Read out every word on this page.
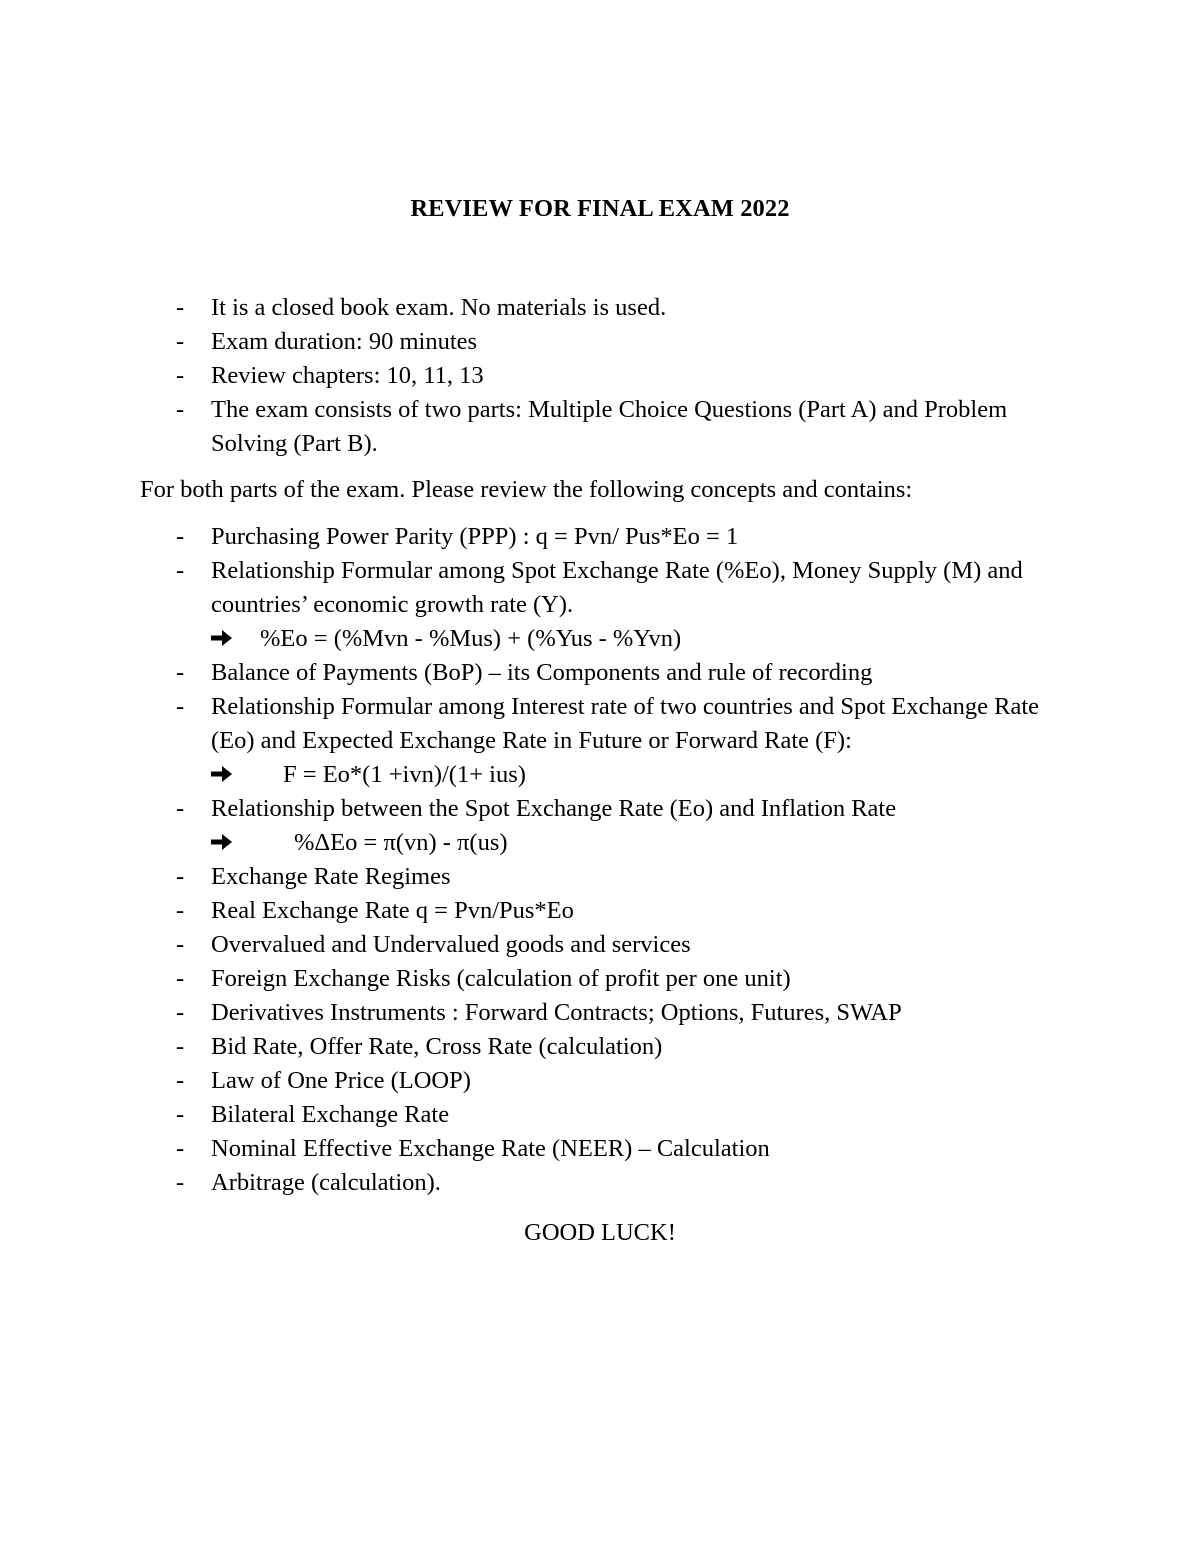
REVIEW FOR FINAL EXAM 2022
- It is a closed book exam. No materials is used.
- Exam duration: 90 minutes
- Review chapters: 10, 11, 13
- The exam consists of two parts: Multiple Choice Questions (Part A) and Problem Solving (Part B).

For both parts of the exam. Please review the following concepts and contains:

- Purchasing Power Parity (PPP) : q = Pvn/ Pus*Eo = 1
- Relationship Formular among Spot Exchange Rate (%Eo), Money Supply (M) and countries’ economic growth rate (Y).
%Eo = (%Mvn - %Mus) + (%Yus - %Yvn)
- Balance of Payments (BoP) – its Components and rule of recording
- Relationship Formular among Interest rate of two countries and Spot Exchange Rate (Eo) and Expected Exchange Rate in Future or Forward Rate (F):
F = Eo*(1 +ivn)/(1+ ius)
- Relationship between the Spot Exchange Rate (Eo) and Inflation Rate
%ΔEo = π(vn) - π(us)
- Exchange Rate Regimes
- Real Exchange Rate q = Pvn/Pus*Eo
- Overvalued and Undervalued goods and services
- Foreign Exchange Risks (calculation of profit per one unit)
- Derivatives Instruments : Forward Contracts; Options, Futures, SWAP
- Bid Rate, Offer Rate, Cross Rate (calculation)
- Law of One Price (LOOP)
- Bilateral Exchange Rate
- Nominal Effective Exchange Rate (NEER) – Calculation
- Arbitrage (calculation).
GOOD LUCK!
